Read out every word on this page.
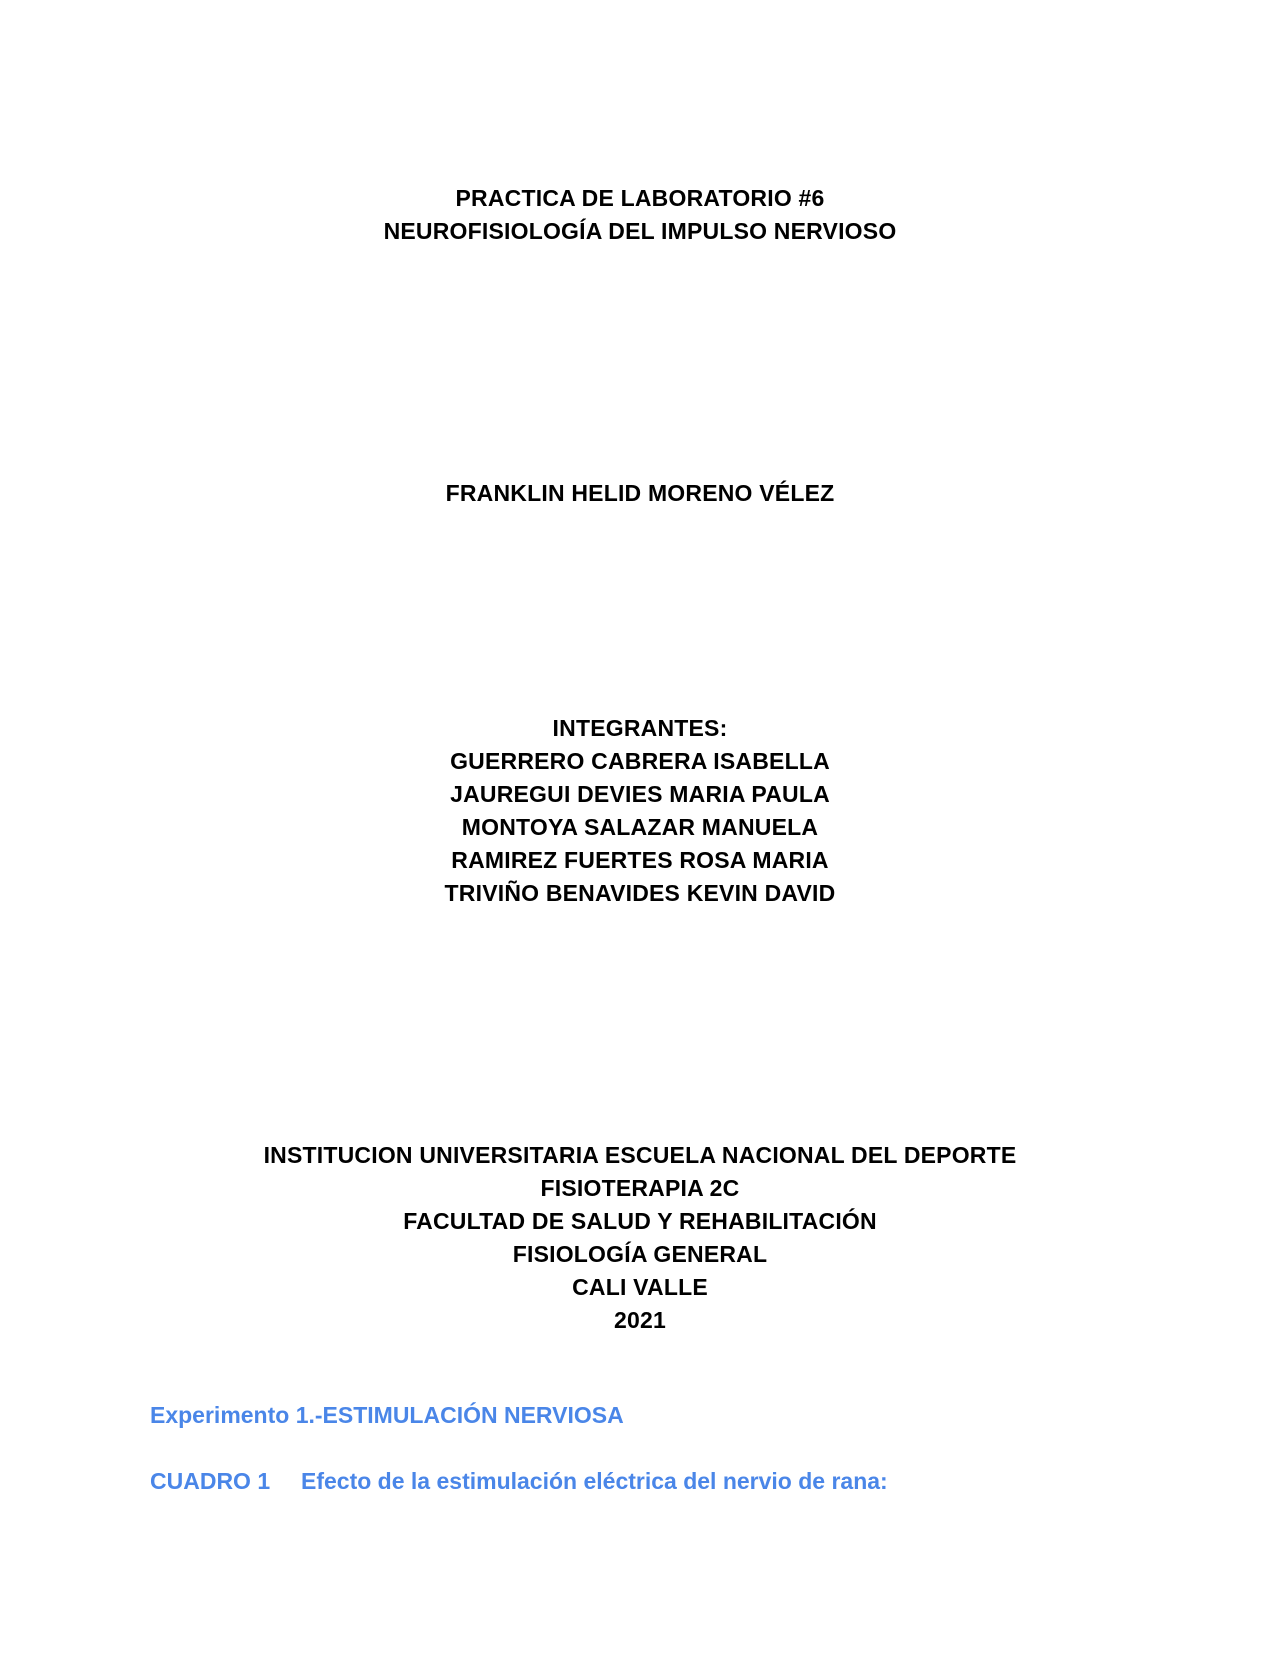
PRACTICA DE LABORATORIO #6
NEUROFISIOLOGÍA DEL IMPULSO NERVIOSO
FRANKLIN HELID MORENO VÉLEZ
INTEGRANTES:
GUERRERO CABRERA ISABELLA
JAUREGUI DEVIES MARIA PAULA
MONTOYA SALAZAR MANUELA
RAMIREZ FUERTES ROSA MARIA
TRIVIÑO BENAVIDES KEVIN DAVID
INSTITUCION UNIVERSITARIA ESCUELA NACIONAL DEL DEPORTE
FISIOTERAPIA 2C
FACULTAD DE SALUD Y REHABILITACIÓN
FISIOLOGÍA GENERAL
CALI VALLE
2021
Experimento 1.-ESTIMULACIÓN NERVIOSA
CUADRO 1 Efecto de la estimulación eléctrica del nervio de rana:
